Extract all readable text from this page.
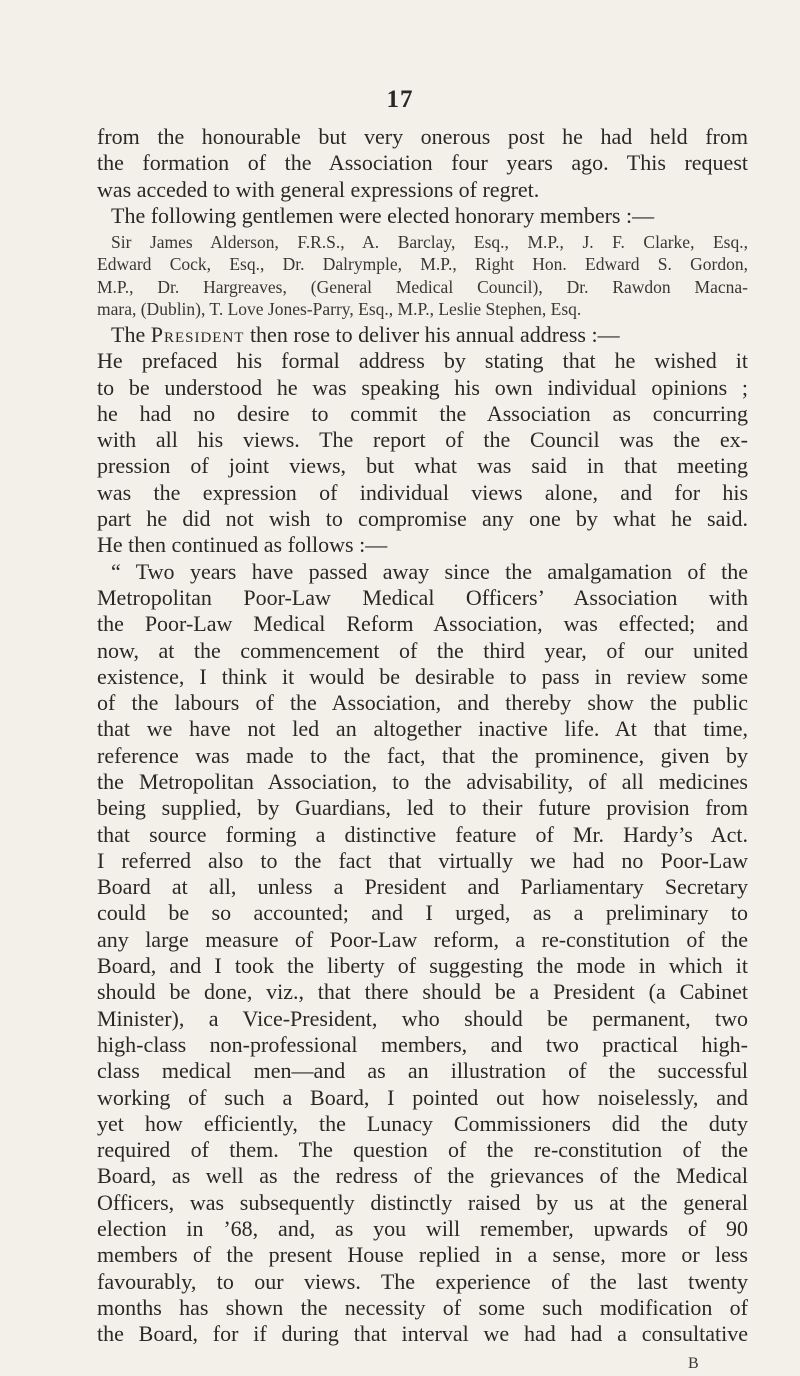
17
from the honourable but very onerous post he had held from
the formation of the Association four years ago. This request
was acceded to with general expressions of regret.
The following gentlemen were elected honorary members :—
Sir James Alderson, F.R.S., A. Barclay, Esq., M.P., J. F. Clarke, Esq.,
Edward Cock, Esq., Dr. Dalrymple, M.P., Right Hon. Edward S. Gordon,
M.P., Dr. Hargreaves, (General Medical Council), Dr. Rawdon Macna-
mara, (Dublin), T. Love Jones-Parry, Esq., M.P., Leslie Stephen, Esq.
The President then rose to deliver his annual address :—
He prefaced his formal address by stating that he wished it
to be understood he was speaking his own individual opinions ;
he had no desire to commit the Association as concurring
with all his views. The report of the Council was the ex-
pression of joint views, but what was said in that meeting
was the expression of individual views alone, and for his
part he did not wish to compromise any one by what he said.
He then continued as follows :—
“ Two years have passed away since the amalgamation of the
Metropolitan Poor-Law Medical Officers’ Association with
the Poor-Law Medical Reform Association, was effected; and
now, at the commencement of the third year, of our united
existence, I think it would be desirable to pass in review some
of the labours of the Association, and thereby show the public
that we have not led an altogether inactive life. At that time,
reference was made to the fact, that the prominence, given by
the Metropolitan Association, to the advisability, of all medicines
being supplied, by Guardians, led to their future provision from
that source forming a distinctive feature of Mr. Hardy’s Act.
I referred also to the fact that virtually we had no Poor-Law
Board at all, unless a President and Parliamentary Secretary
could be so accounted; and I urged, as a preliminary to
any large measure of Poor-Law reform, a re-constitution of the
Board, and I took the liberty of suggesting the mode in which it
should be done, viz., that there should be a President (a Cabinet
Minister), a Vice-President, who should be permanent, two
high-class non-professional members, and two practical high-
class medical men—and as an illustration of the successful
working of such a Board, I pointed out how noiselessly, and
yet how efficiently, the Lunacy Commissioners did the duty
required of them. The question of the re-constitution of the
Board, as well as the redress of the grievances of the Medical
Officers, was subsequently distinctly raised by us at the general
election in ’68, and, as you will remember, upwards of 90
members of the present House replied in a sense, more or less
favourably, to our views. The experience of the last twenty
months has shown the necessity of some such modification of
the Board, for if during that interval we had had a consultative
B
